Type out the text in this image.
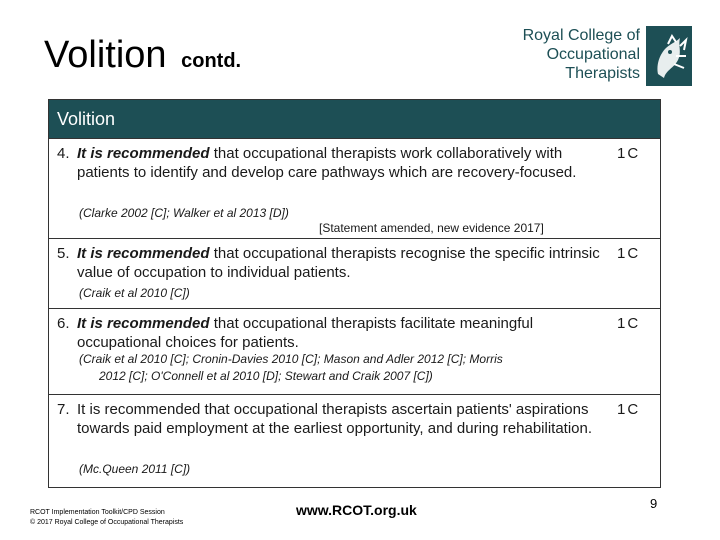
Volition contd.
Royal College of
Occupational
Therapists
Volition
4. It is recommended that occupational therapists work collaboratively with patients to identify and develop care pathways which are recovery-focused.
1C
(Clarke 2002 [C]; Walker et al 2013 [D])
[Statement amended, new evidence 2017]
5. It is recommended that occupational therapists recognise the specific intrinsic value of occupation to individual patients.
1C
(Craik et al 2010 [C])
6. It is recommended that occupational therapists facilitate meaningful occupational choices for patients.
1C
(Craik et al 2010 [C]; Cronin-Davies 2010 [C]; Mason and Adler 2012 [C]; Morris
2012 [C]; O'Connell et al 2010 [D]; Stewart and Craik 2007 [C])
7. It is recommended that occupational therapists ascertain patients' aspirations towards paid employment at the earliest opportunity, and during rehabilitation.
1C
(Mc.Queen 2011 [C])
RCOT Implementation Toolkit/CPD Session
© 2017 Royal College of Occupational Therapists
www.RCOT.org.uk	9
